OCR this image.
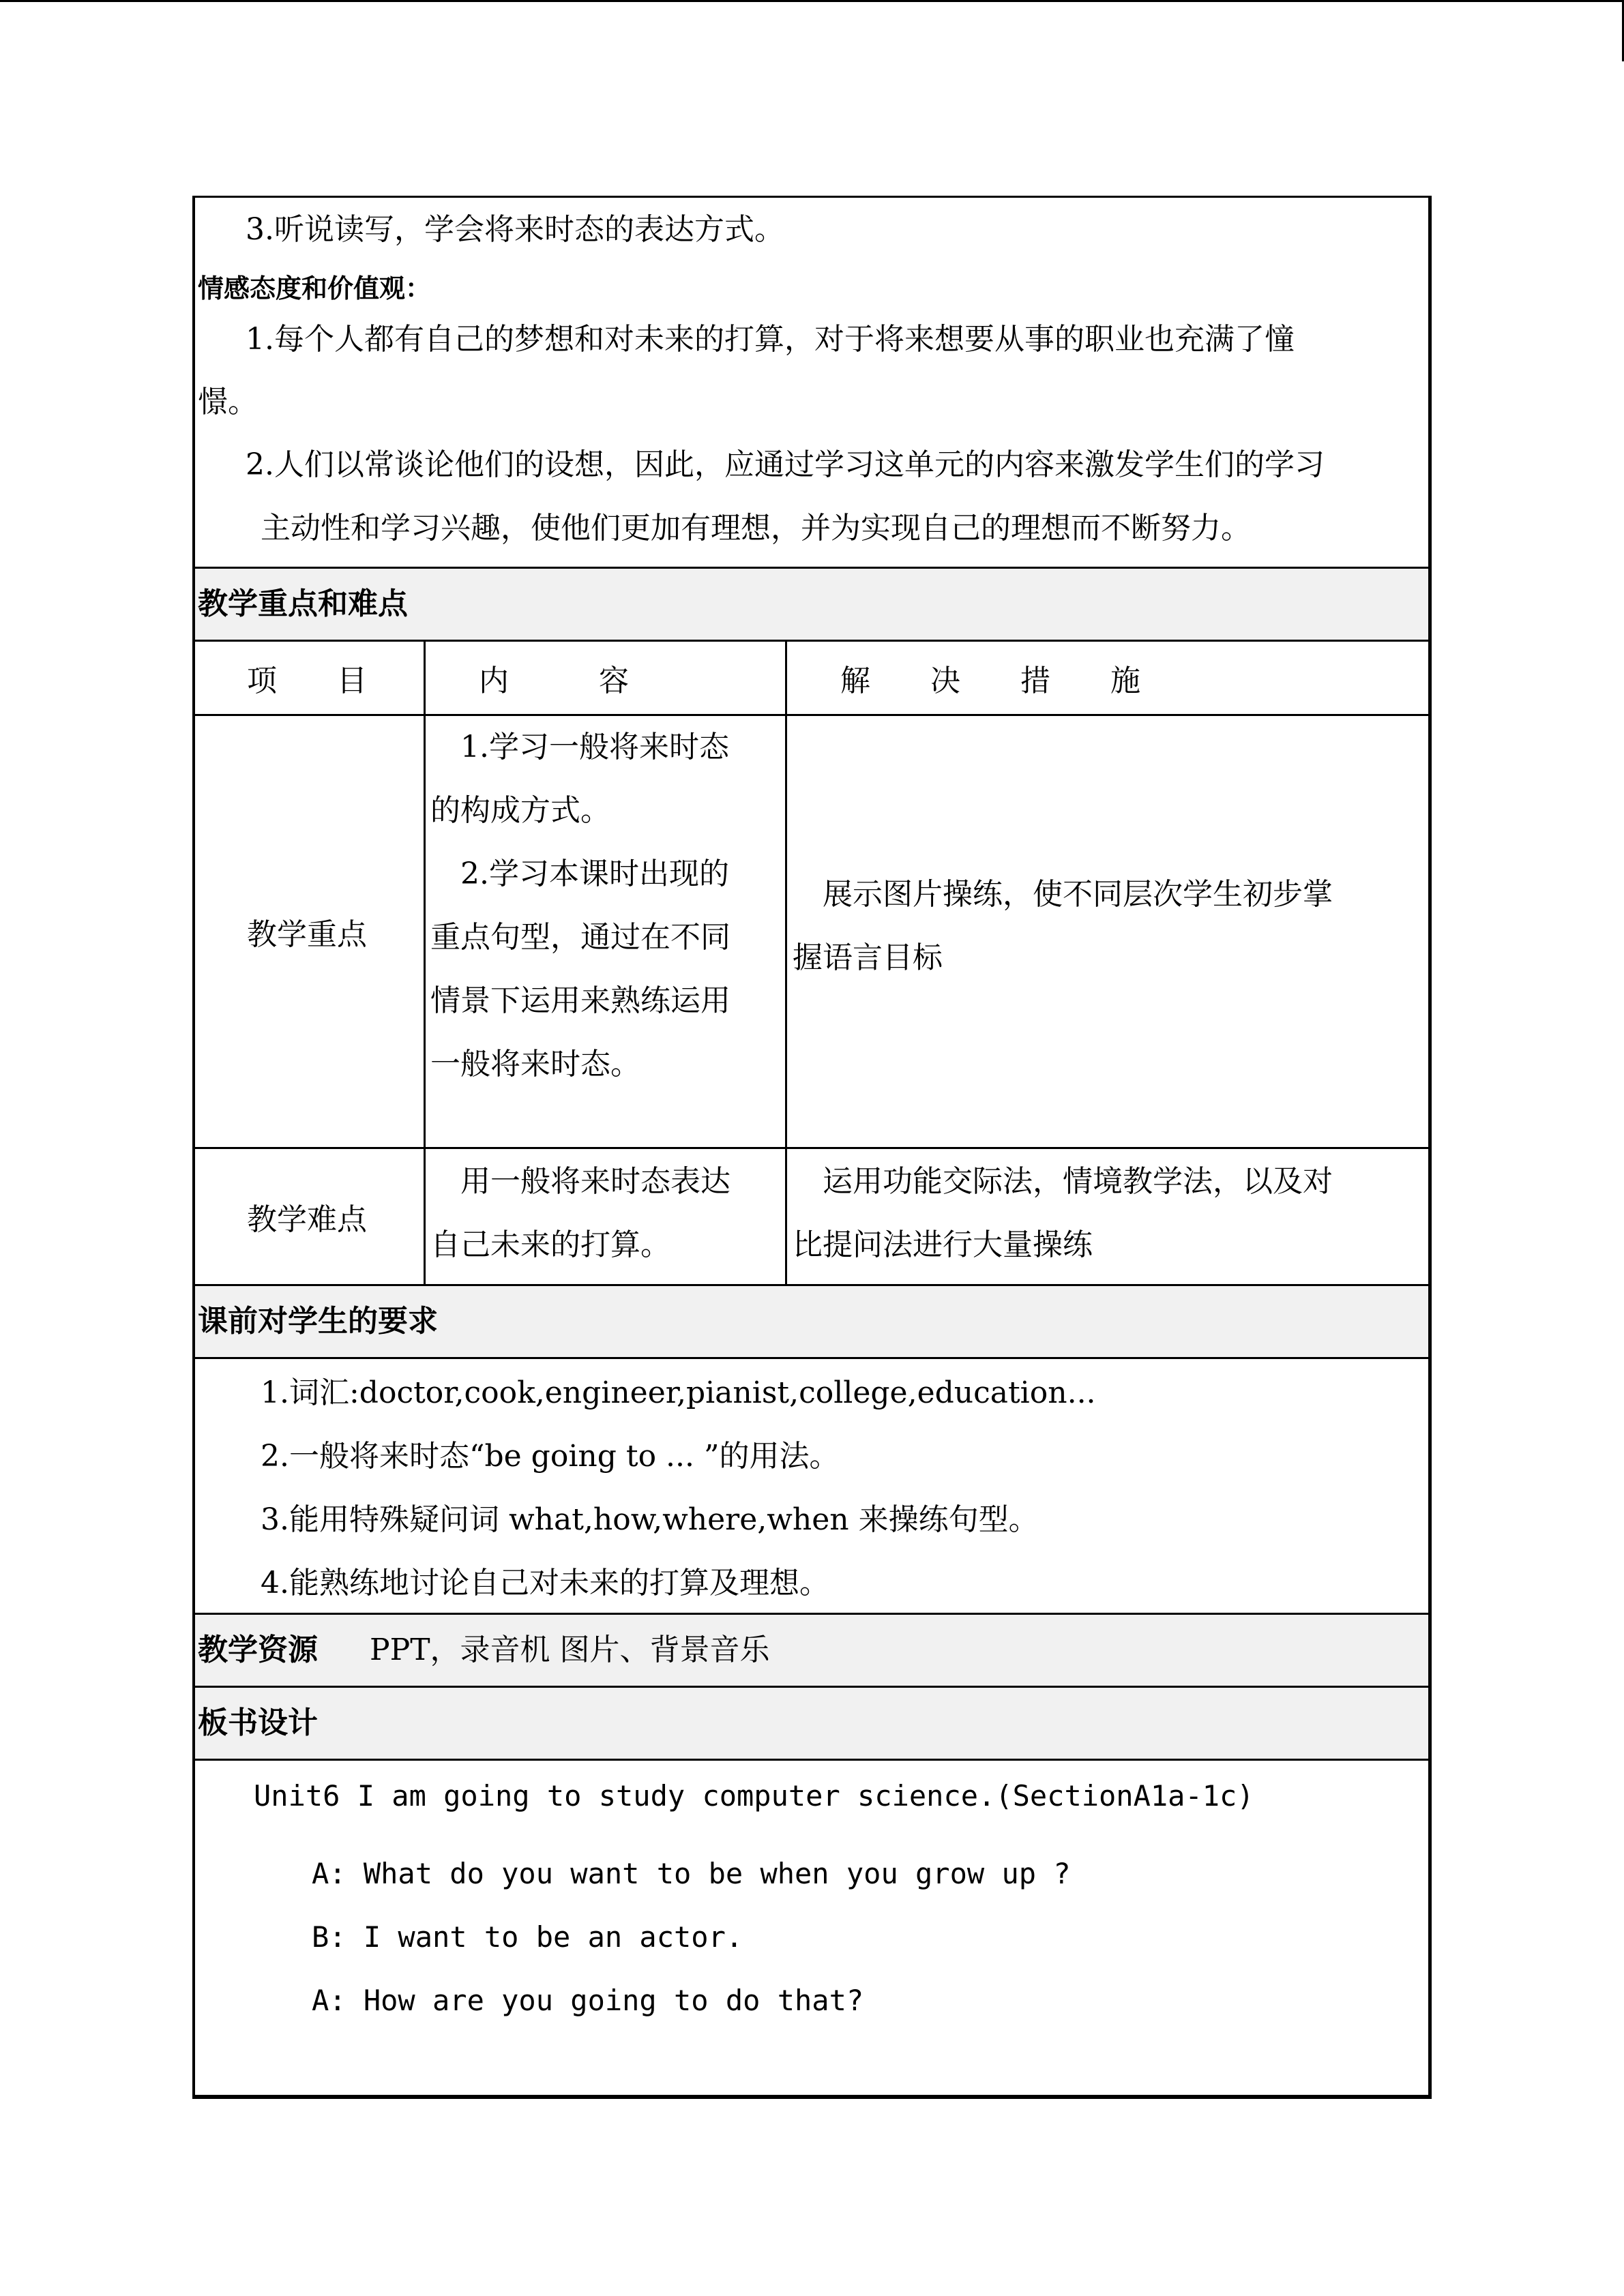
3.听说读写，学会将来时态的表达方式。
情感态度和价值观：
1.每个人都有自己的梦想和对未来的打算，对于将来想要从事的职业也充满了憧
憬。
2.人们以常谈论他们的设想，因此，应通过学习这单元的内容来激发学生们的学习
主动性和学习兴趣，使他们更加有理想，并为实现自己的理想而不断努力。
教学重点和难点
项　　目	内　　　容	解　　决　　措　　施
教学重点
　1.学习一般将来时态
的构成方式。
　2.学习本课时出现的
重点句型，通过在不同
情景下运用来熟练运用
一般将来时态。
　展示图片操练，使不同层次学生初步掌
握语言目标
教学难点
　用一般将来时态表达
自己未来的打算。
　运用功能交际法，情境教学法，以及对
比提问法进行大量操练
课前对学生的要求
1.词汇:doctor,cook,engineer,pianist,college,education...
2.一般将来时态“be going to ... ”的用法。
3.能用特殊疑问词 what,how,where,when 来操练句型。
4.能熟练地讨论自己对未来的打算及理想。
教学资源 PPT，录音机 图片、背景音乐
板书设计
Unit6 I am going to study computer science.(SectionA1a-1c)
A: What do you want to be when you grow up ?
B: I want to be an actor.
A: How are you going to do that?
